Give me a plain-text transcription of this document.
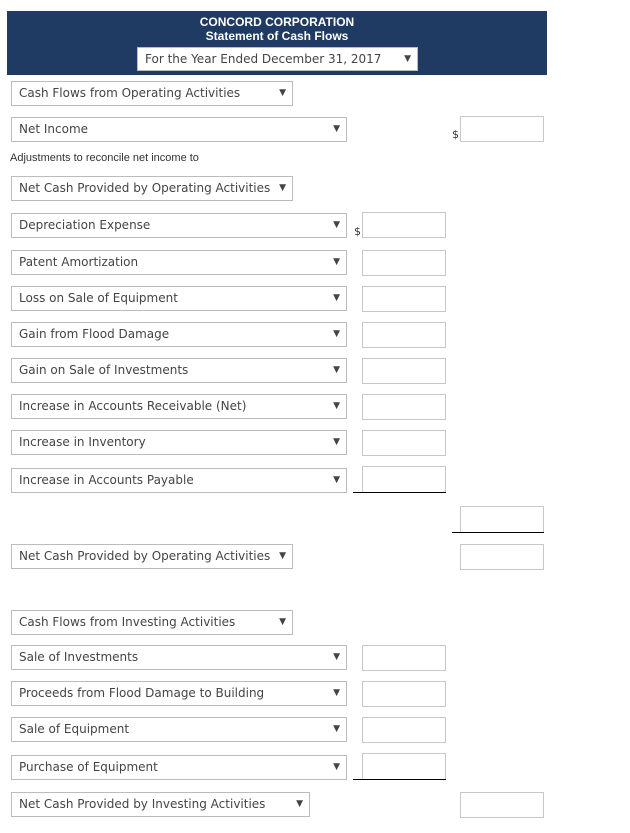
CONCORD CORPORATION
Statement of Cash Flows
For the Year Ended December 31, 2017	▼
Cash Flows from Operating Activities	▼
Net Income	▼	$
Adjustments to reconcile net income to
Net Cash Provided by Operating Activities ▼
Depreciation Expense	▼ $
Patent Amortization	▼
Loss on Sale of Equipment	▼
Gain from Flood Damage	▼
Gain on Sale of Investments	▼
Increase in Accounts Receivable (Net)	▼
Increase in Inventory	▼
Increase in Accounts Payable	▼
Net Cash Provided by Operating Activities ▼
Cash Flows from Investing Activities	▼
Sale of Investments	▼
Proceeds from Flood Damage to Building	▼
Sale of Equipment	▼
Purchase of Equipment	▼
Net Cash Provided by Investing Activities	▼
